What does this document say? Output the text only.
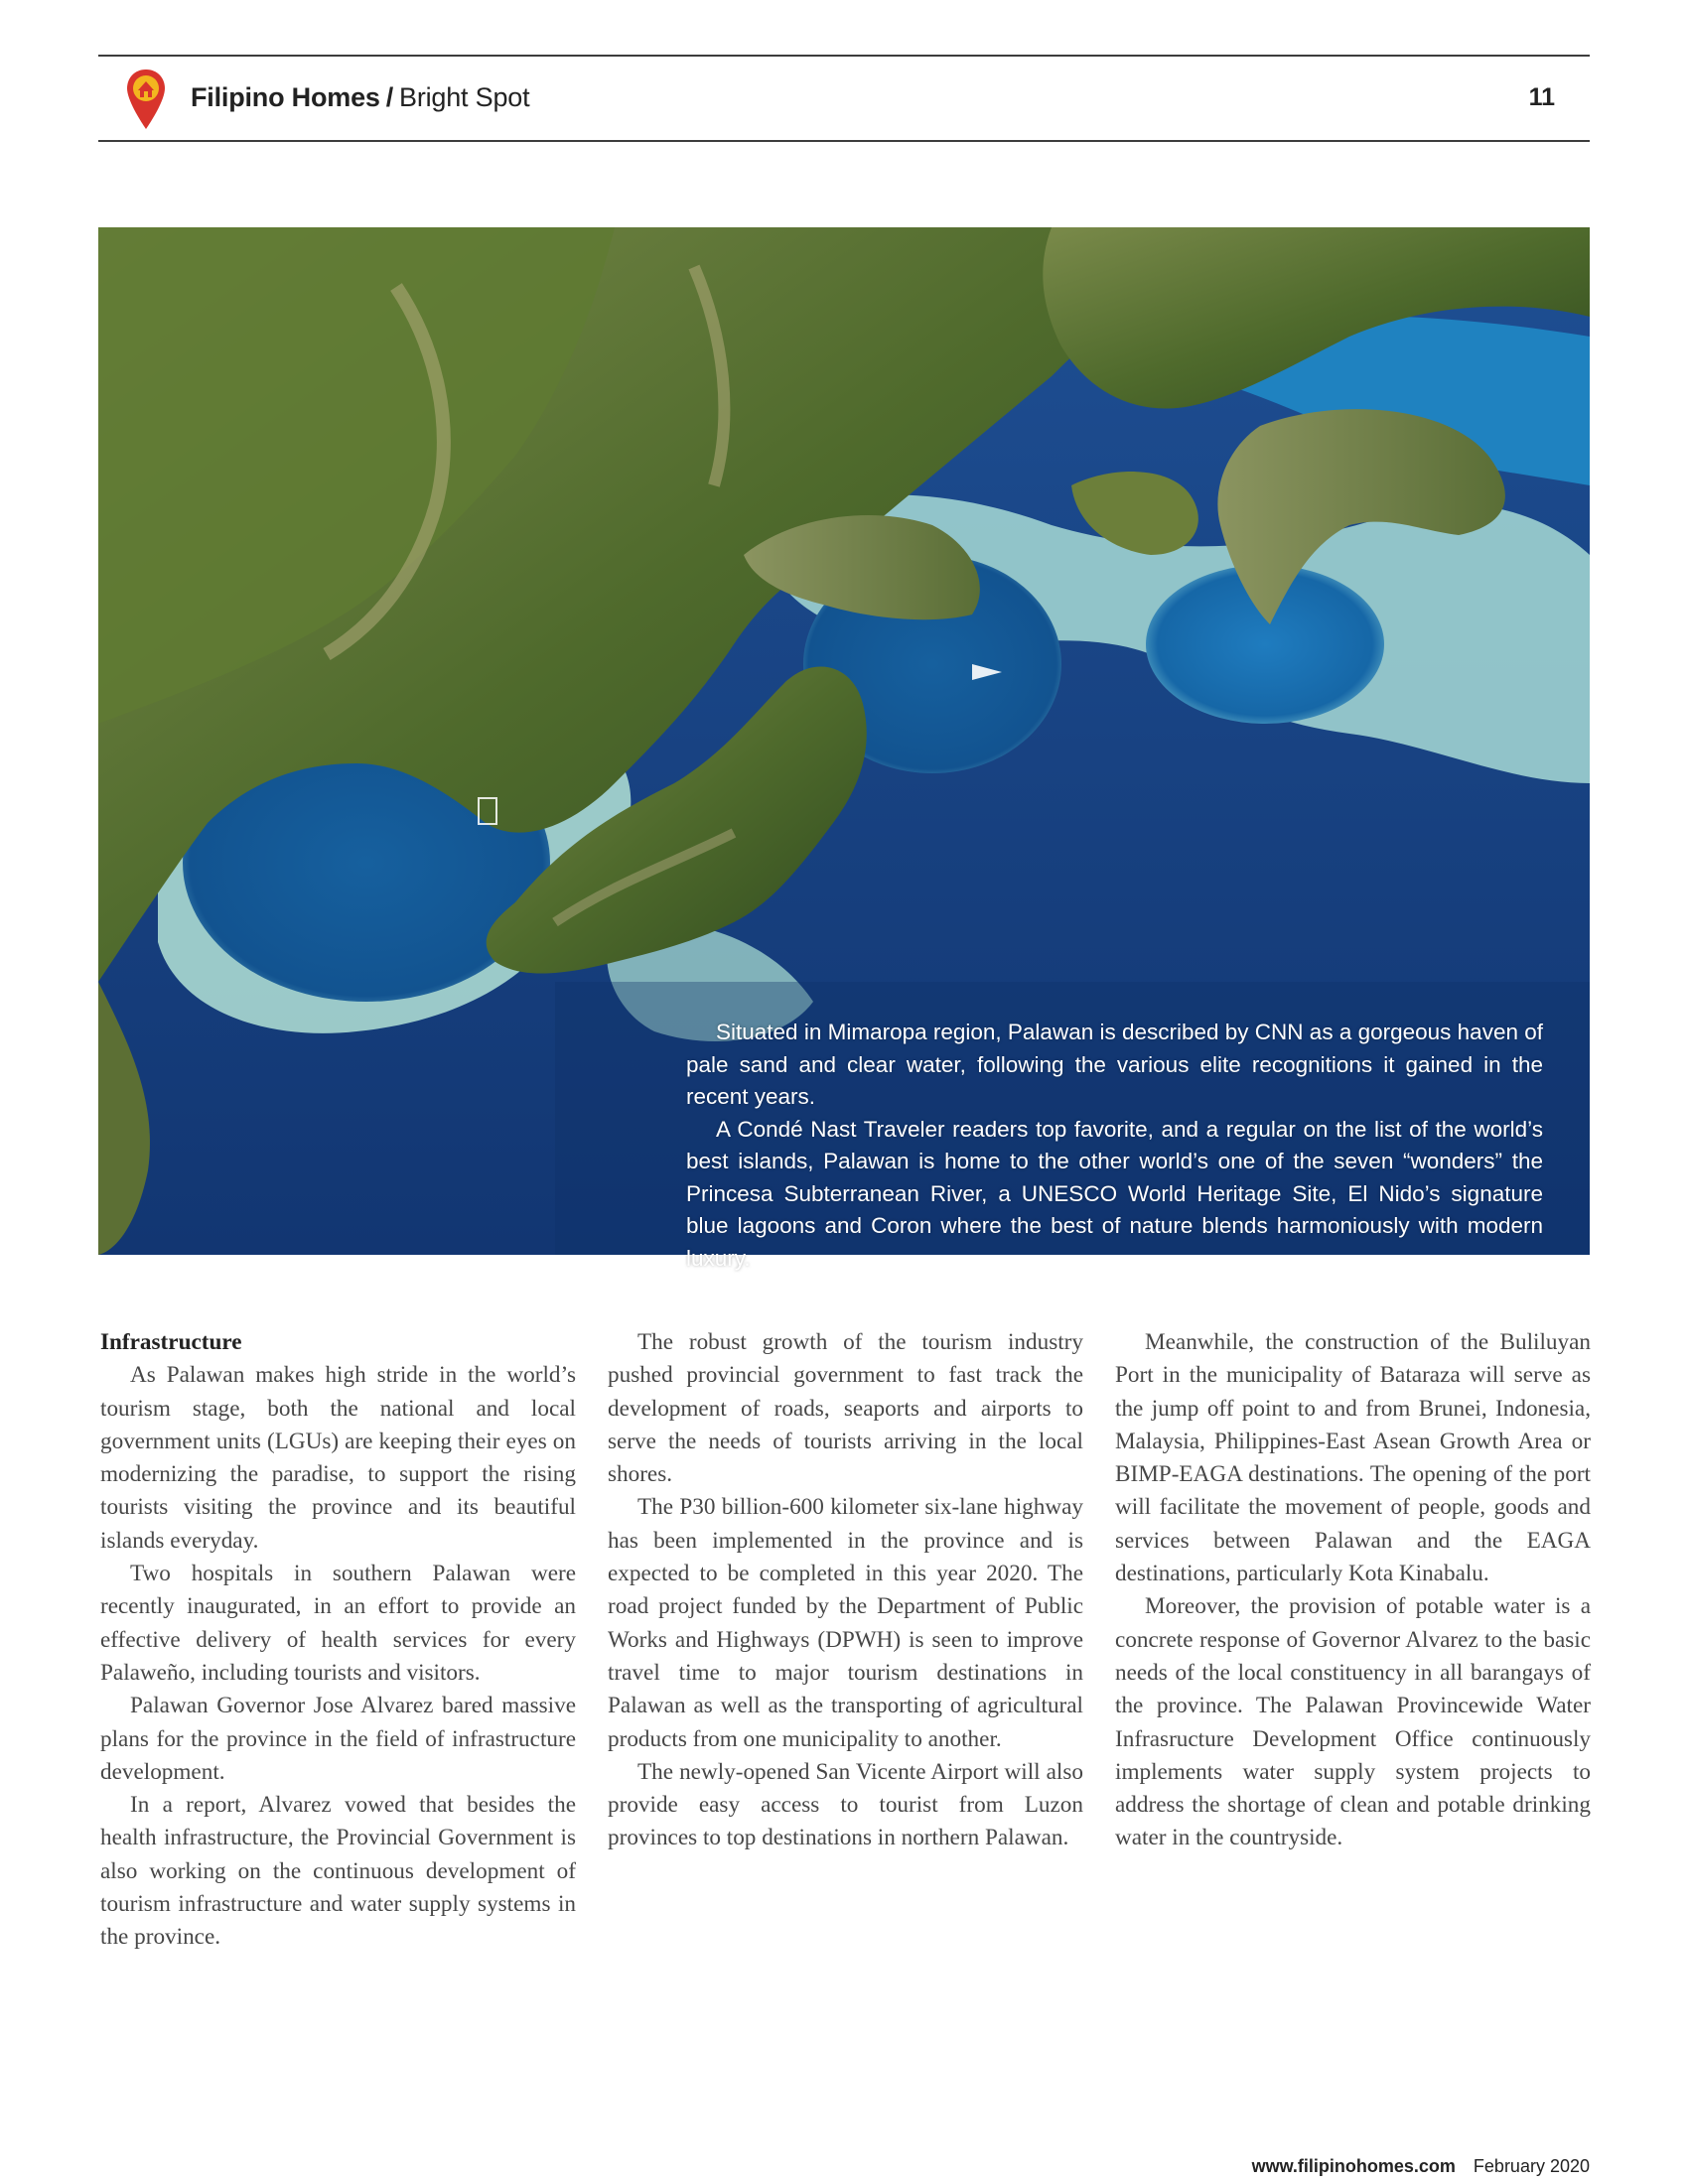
Filipino Homes / Bright Spot	11

Situated in Mimaropa region, Palawan is described by CNN as a gorgeous haven of pale sand and clear water, following the various elite recognitions it gained in the recent years.

A Condé Nast Traveler readers top favorite, and a regular on the list of the world’s best islands, Palawan is home to the other world’s one of the seven “wonders” the Princesa Subterranean River, a UNESCO World Heritage Site, El Nido’s signature blue lagoons and Coron where the best of nature blends harmoniously with modern luxury.

Infrastructure

As Palawan makes high stride in the world’s tourism stage, both the national and local government units (LGUs) are keeping their eyes on modernizing the paradise, to support the rising tourists visiting the province and its beautiful islands everyday.

Two hospitals in southern Palawan were recently inaugurated, in an effort to provide an effective delivery of health services for every Palaweño, including tourists and visitors.

Palawan Governor Jose Alvarez bared massive plans for the province in the field of infrastructure development.

In a report, Alvarez vowed that besides the health infrastructure, the Provincial Government is also working on the continuous development of tourism infrastructure and water supply systems in the province.

The robust growth of the tourism industry pushed provincial government to fast track the development of roads, seaports and airports to serve the needs of tourists arriving in the local shores.

The P30 billion-600 kilometer six-lane highway has been implemented in the province and is expected to be completed in this year 2020. The road project funded by the Department of Public Works and Highways (DPWH) is seen to improve travel time to major tourism destinations in Palawan as well as the transporting of agricultural products from one municipality to another.

The newly-opened San Vicente Airport will also provide easy access to tourist from Luzon provinces to top destinations in northern Palawan.

Meanwhile, the construction of the Buliluyan Port in the municipality of Bataraza will serve as the jump off point to and from Brunei, Indonesia, Malaysia, Philippines-East Asean Growth Area or BIMP-EAGA destinations. The opening of the port will facilitate the movement of people, goods and services between Palawan and the EAGA destinations, particularly Kota Kinabalu.

Moreover, the provision of potable water is a concrete response of Governor Alvarez to the basic needs of the local constituency in all barangays of the province. The Palawan Provincewide Water Infrasructure Development Office continuously implements water supply system projects to address the shortage of clean and potable drinking water in the countryside.

www.filipinohomes.com February 2020
